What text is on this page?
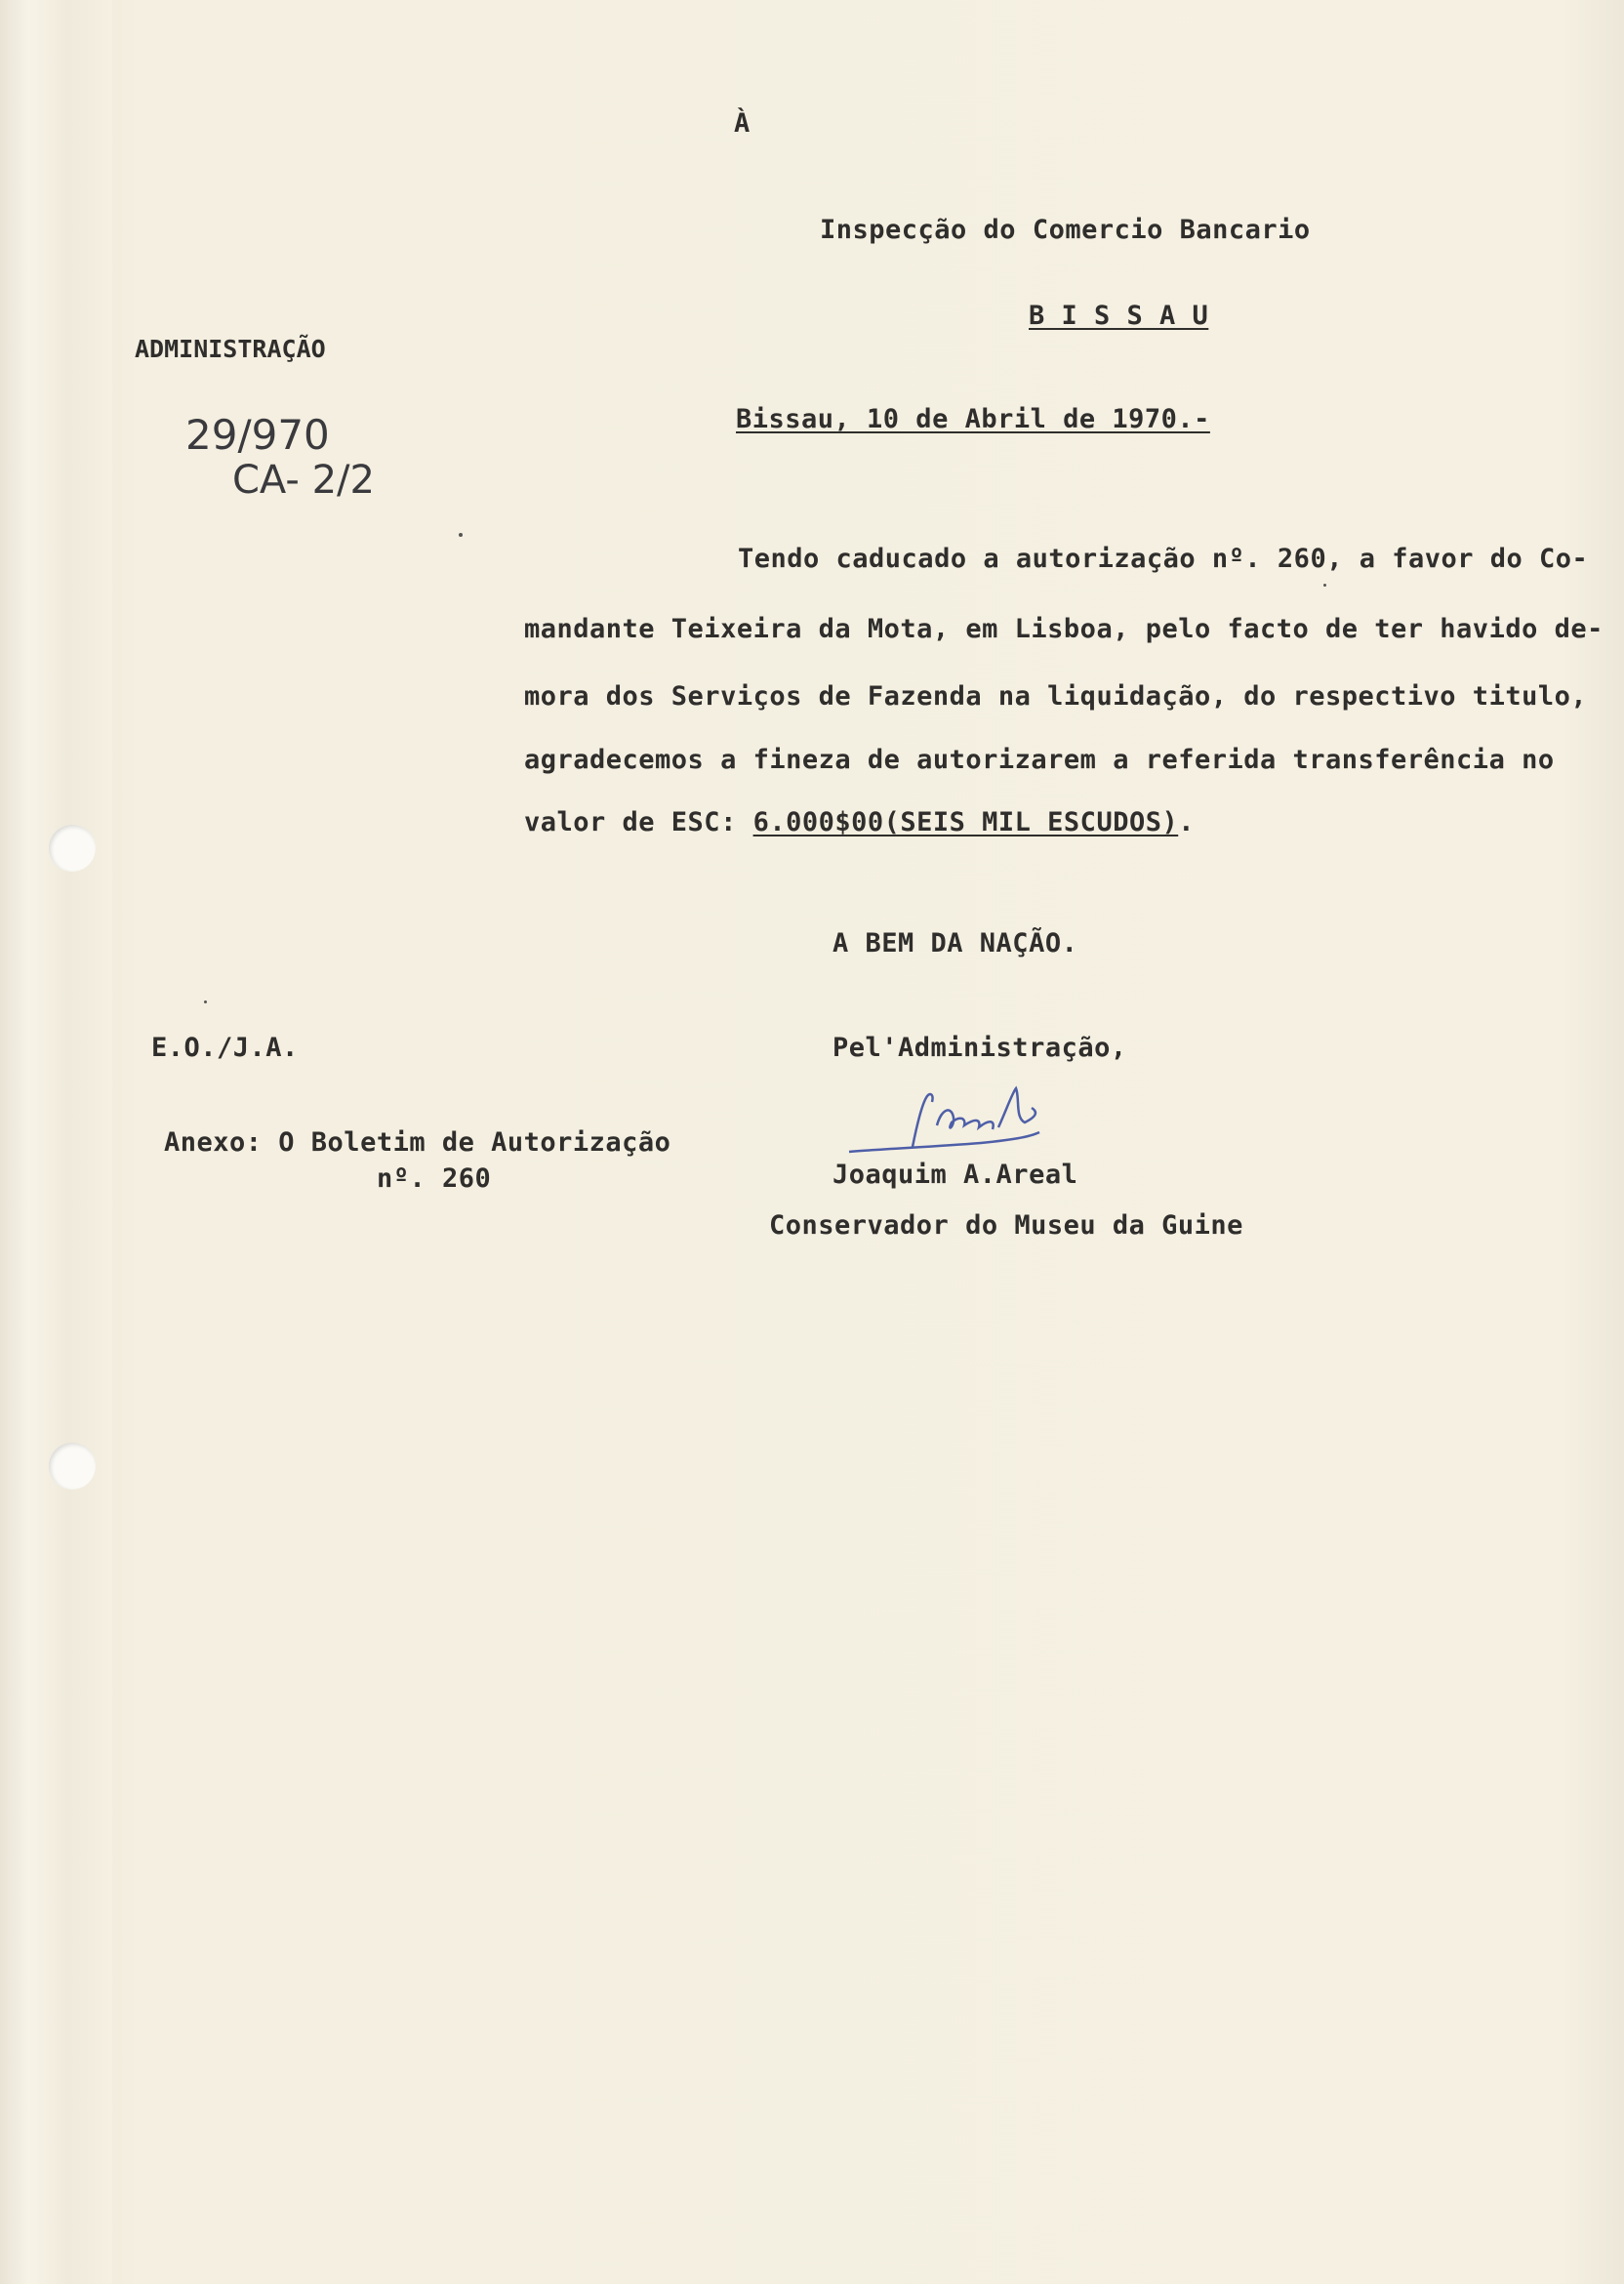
À
Inspecção do Comercio Bancario
B I S S A U
ADMINISTRAÇÃO
29/970
CA- 2/2
Bissau, 10 de Abril de 1970.-
Tendo caducado a autorização nº. 260, a favor do Co-
mandante Teixeira da Mota, em Lisboa, pelo facto de ter havido de-
mora dos Serviços de Fazenda na liquidação, do respectivo titulo,
agradecemos a fineza de autorizarem a referida transferência no
valor de ESC: 6.000$00(SEIS MIL ESCUDOS).
A BEM DA NAÇÃO.
Pel'Administração,
Joaquim A.Areal
Conservador do Museu da Guine
E.O./J.A.
Anexo: O Boletim de Autorização
nº. 260
